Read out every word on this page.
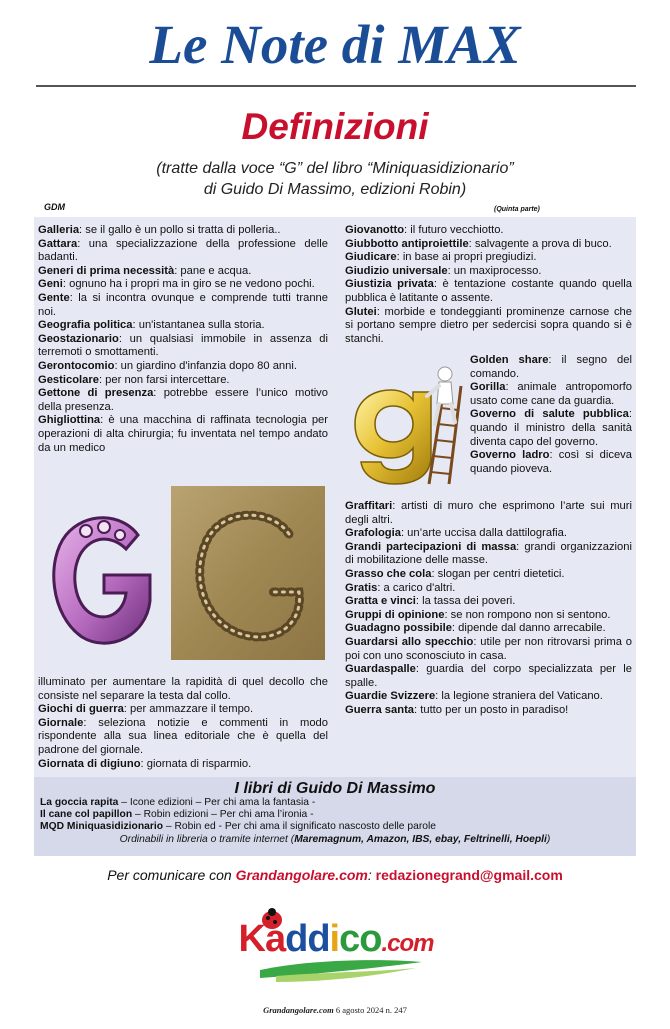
Le Note di MAX
Definizioni
(tratte dalla voce “G” del libro “Miniquasidizionario”
di Guido Di Massimo, edizioni Robin)
GDM	(Quinta parte)

Galleria: se il gallo è un pollo si tratta di polleria..

Gattara: una specializzazione della professione delle badanti.

Generi di prima necessità: pane e acqua.

Geni: ognuno ha i propri ma in giro se ne vedono pochi.

Gente: la si incontra ovunque e comprende tutti tranne noi.

Geografia politica: un'istantanea sulla storia.

Geostazionario: un qualsiasi immobile in assenza di terremoti o smottamenti.

Gerontocomio: un giardino d'infanzia dopo 80 anni.

Gesticolare: per non farsi intercettare.

Gettone di presenza: potrebbe essere l’unico motivo della presenza.

Ghigliottina: è una macchina di raffinata tecnologia per operazioni di alta chirurgia; fu inventata nel tempo andato da un medico

illuminato per aumentare la rapidità di quel decollo che consiste nel separare la testa dal collo.

Giochi di guerra: per ammazzare il tempo.

Giornale: seleziona notizie e commenti in modo rispondente alla sua linea editoriale che è quella del padrone del giornale.

Giornata di digiuno: giornata di risparmio.

Giovanotto: il futuro vecchiotto.

Giubbotto antiproiettile: salvagente a prova di buco.

Giudicare: in base ai propri pregiudizi.

Giudizio universale: un maxiprocesso.

Giustizia privata: è tentazione costante quando quella pubblica è latitante o assente.

Glutei: morbide e tondeggianti prominenze carnose che si portano sempre dietro per sedercisi sopra quando si è stanchi.

Golden share: il segno del comando.

Gorilla: animale antropomorfo usato come cane da guardia.

Governo di salute pubblica: quando il ministro della sanità diventa capo del governo.

Governo ladro: così si diceva quando pioveva.

Graffitari: artisti di muro che esprimono l’arte sui muri degli altri.

Grafologia: un’arte uccisa dalla dattilografia.

Grandi partecipazioni di massa: grandi organizzazioni di mobilitazione delle masse.

Grasso che cola: slogan per centri dietetici.

Gratis: a carico d'altri.

Gratta e vinci: la tassa dei poveri.

Gruppi di opinione: se non rompono non si sentono.

Guadagno possibile: dipende dal danno arrecabile.

Guardarsi allo specchio: utile per non ritrovarsi prima o poi con uno sconosciuto in casa.

Guardaspalle: guardia del corpo specializzata per le spalle.

Guardie Svizzere: la legione straniera del Vaticano.

Guerra santa: tutto per un posto in paradiso!

I libri di Guido Di Massimo
La goccia rapita – Icone edizioni – Per chi ama la fantasia -
Il cane col papillon – Robin edizioni – Per chi ama l’ironia -
MQD Miniquasidizionario – Robin ed - Per chi ama il significato nascosto delle parole
Ordinabili in libreria o tramite internet (Maremagnum, Amazon, IBS, ebay, Feltrinelli, Hoepli)
Per comunicare con Grandangolare.com: redazionegrand@gmail.com
Kaddico.com
Grandangolare.com 6 agosto 2024 n. 247
